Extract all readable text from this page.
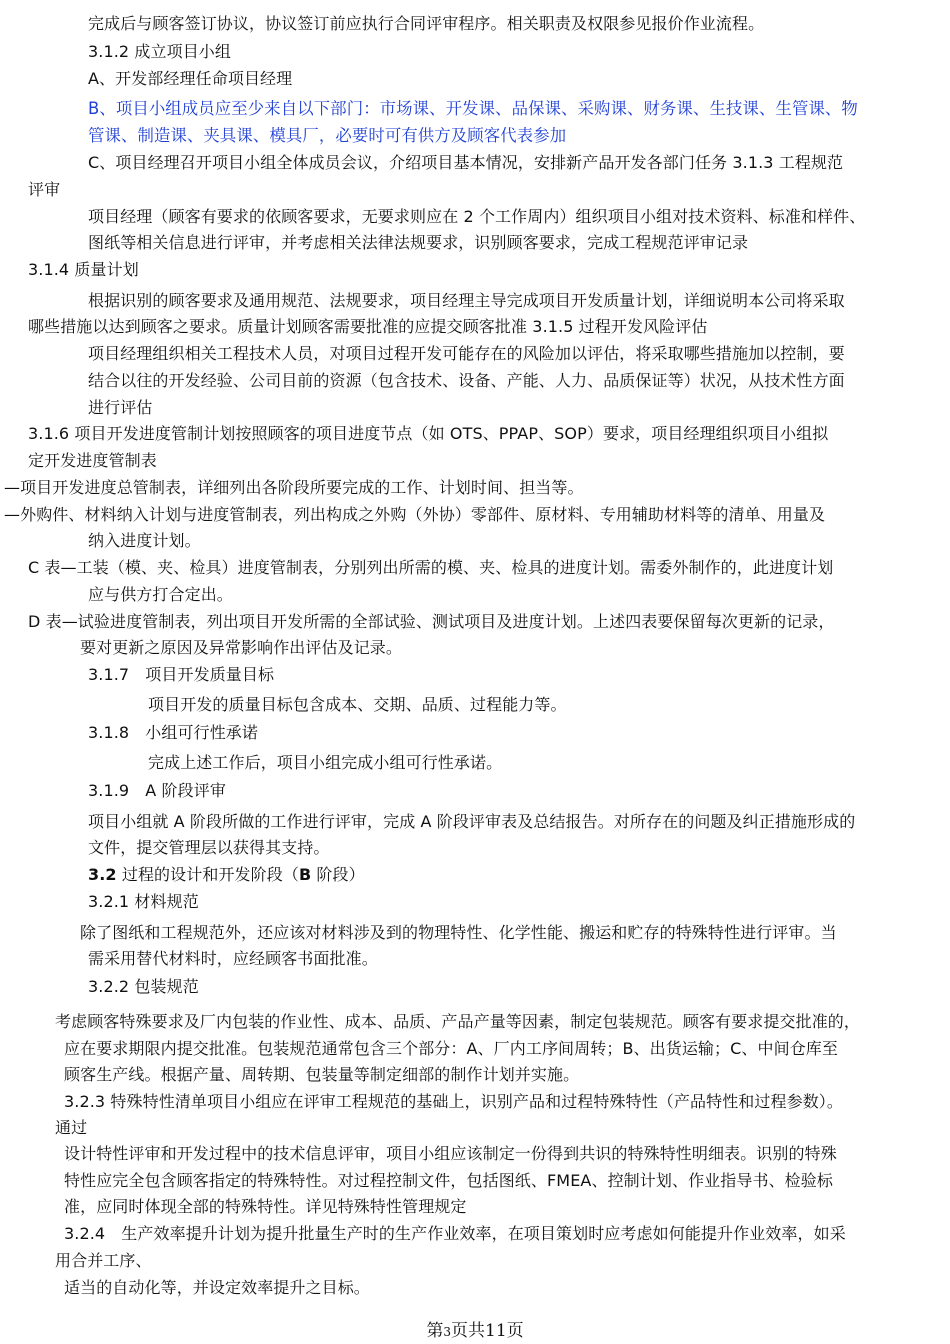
完成后与顾客签订协议，协议签订前应执行合同评审程序。相关职责及权限参见报价作业流程。
3.1.2 成立项目小组
A、开发部经理任命项目经理
B、项目小组成员应至少来自以下部门：市场课、开发课、品保课、采购课、财务课、生技课、生管课、物
管课、制造课、夹具课、模具厂，必要时可有供方及顾客代表参加
C、项目经理召开项目小组全体成员会议，介绍项目基本情况，安排新产品开发各部门任务 3.1.3 工程规范
评审
项目经理（顾客有要求的依顾客要求，无要求则应在 2 个工作周内）组织项目小组对技术资料、标准和样件、
图纸等相关信息进行评审，并考虑相关法律法规要求，识别顾客要求，完成工程规范评审记录
3.1.4 质量计划
根据识别的顾客要求及通用规范、法规要求，项目经理主导完成项目开发质量计划，详细说明本公司将采取
哪些措施以达到顾客之要求。质量计划顾客需要批准的应提交顾客批准 3.1.5 过程开发风险评估
项目经理组织相关工程技术人员，对项目过程开发可能存在的风险加以评估，将采取哪些措施加以控制，要
结合以往的开发经验、公司目前的资源（包含技术、设备、产能、人力、品质保证等）状况，从技术性方面
进行评估
3.1.6 项目开发进度管制计划按照顾客的项目进度节点（如 OTS、PPAP、SOP）要求，项目经理组织项目小组拟
定开发进度管制表
—项目开发进度总管制表，详细列出各阶段所要完成的工作、计划时间、担当等。
—外购件、材料纳入计划与进度管制表，列出构成之外购（外协）零部件、原材料、专用辅助材料等的清单、用量及
纳入进度计划。
C 表—工装（模、夹、检具）进度管制表，分别列出所需的模、夹、检具的进度计划。需委外制作的，此进度计划
应与供方打合定出。
D 表—试验进度管制表，列出项目开发所需的全部试验、测试项目及进度计划。上述四表要保留每次更新的记录，
要对更新之原因及异常影响作出评估及记录。
3.1.7　项目开发质量目标
项目开发的质量目标包含成本、交期、品质、过程能力等。
3.1.8　小组可行性承诺
完成上述工作后，项目小组完成小组可行性承诺。
3.1.9　A 阶段评审
项目小组就 A 阶段所做的工作进行评审，完成 A 阶段评审表及总结报告。对所存在的问题及纠正措施形成的
文件，提交管理层以获得其支持。
3.2 过程的设计和开发阶段（B 阶段）
3.2.1 材料规范
除了图纸和工程规范外，还应该对材料涉及到的物理特性、化学性能、搬运和贮存的特殊特性进行评审。当
需采用替代材料时，应经顾客书面批准。
3.2.2 包装规范
考虑顾客特殊要求及厂内包装的作业性、成本、品质、产品产量等因素，制定包装规范。顾客有要求提交批准的，
应在要求期限内提交批准。包装规范通常包含三个部分：A、厂内工序间周转；B、出货运输；C、中间仓库至
顾客生产线。根据产量、周转期、包装量等制定细部的制作计划并实施。
3.2.3 特殊特性清单项目小组应在评审工程规范的基础上，识别产品和过程特殊特性（产品特性和过程参数）。
通过
设计特性评审和开发过程中的技术信息评审，项目小组应该制定一份得到共识的特殊特性明细表。识别的特殊
特性应完全包含顾客指定的特殊特性。对过程控制文件，包括图纸、FMEA、控制计划、作业指导书、检验标
准，应同时体现全部的特殊特性。详见特殊特性管理规定
3.2.4　生产效率提升计划为提升批量生产时的生产作业效率，在项目策划时应考虑如何能提升作业效率，如采
用合并工序、
适当的自动化等，并设定效率提升之目标。
第3页共11页
